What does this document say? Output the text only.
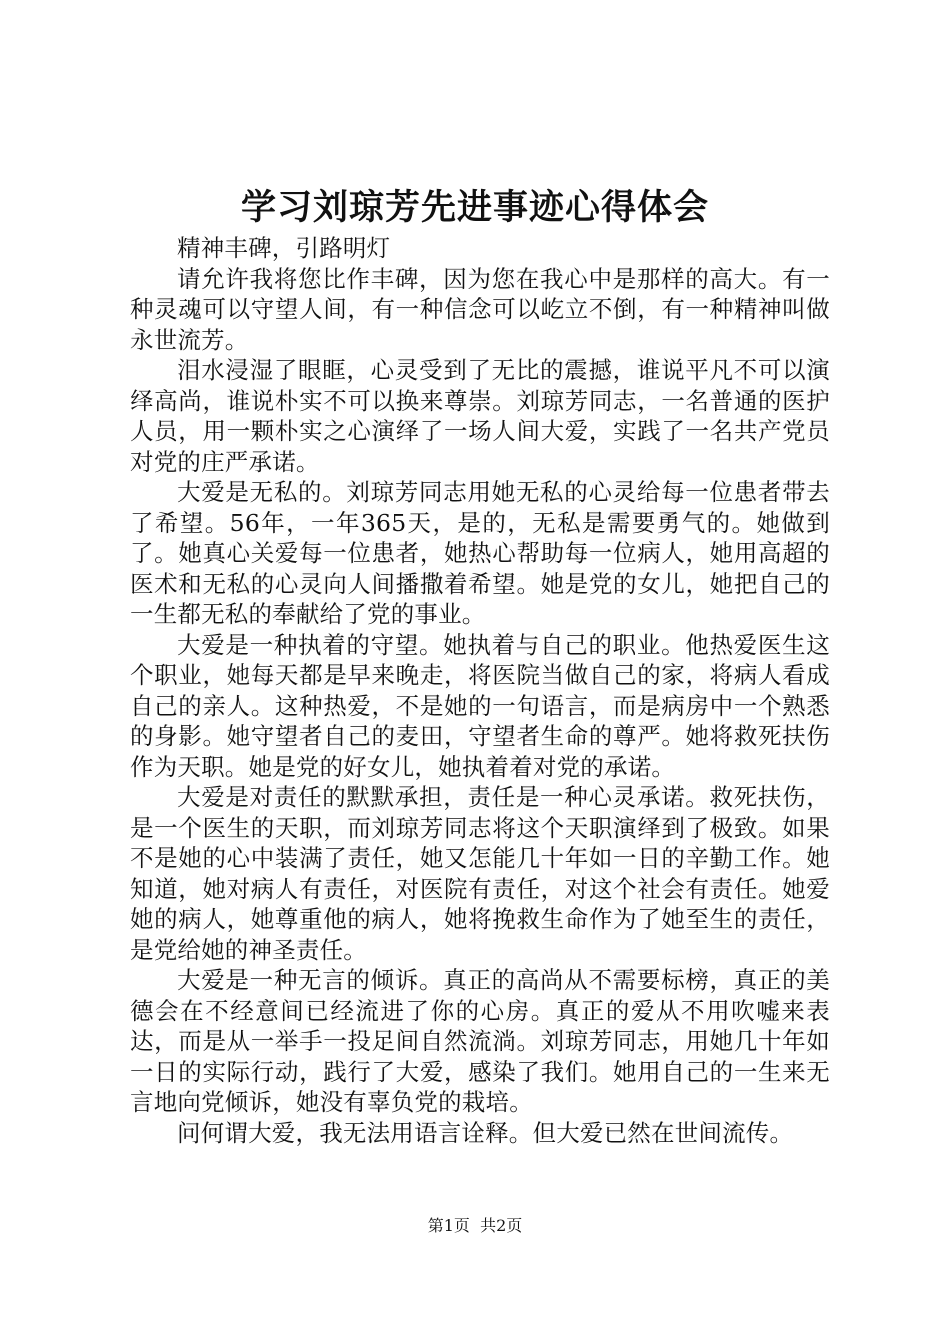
学习刘琼芳先进事迹心得体会

精神丰碑，引路明灯

请允许我将您比作丰碑，因为您在我心中是那样的高大。有一种灵魂可以守望人间，有一种信念可以屹立不倒，有一种精神叫做永世流芳。

泪水浸湿了眼眶，心灵受到了无比的震撼，谁说平凡不可以演绎高尚，谁说朴实不可以换来尊崇。刘琼芳同志，一名普通的医护人员，用一颗朴实之心演绎了一场人间大爱，实践了一名共产党员对党的庄严承诺。

大爱是无私的。刘琼芳同志用她无私的心灵给每一位患者带去了希望。56年，一年365天，是的，无私是需要勇气的。她做到了。她真心关爱每一位患者，她热心帮助每一位病人，她用高超的医术和无私的心灵向人间播撒着希望。她是党的女儿，她把自己的一生都无私的奉献给了党的事业。

大爱是一种执着的守望。她执着与自己的职业。他热爱医生这个职业，她每天都是早来晚走，将医院当做自己的家，将病人看成自己的亲人。这种热爱，不是她的一句语言，而是病房中一个熟悉的身影。她守望者自己的麦田，守望者生命的尊严。她将救死扶伤作为天职。她是党的好女儿，她执着着对党的承诺。

大爱是对责任的默默承担，责任是一种心灵承诺。救死扶伤，是一个医生的天职，而刘琼芳同志将这个天职演绎到了极致。如果不是她的心中装满了责任，她又怎能几十年如一日的辛勤工作。她知道，她对病人有责任，对医院有责任，对这个社会有责任。她爱她的病人，她尊重他的病人，她将挽救生命作为了她至生的责任，是党给她的神圣责任。

大爱是一种无言的倾诉。真正的高尚从不需要标榜，真正的美德会在不经意间已经流进了你的心房。真正的爱从不用吹嘘来表达，而是从一举手一投足间自然流淌。刘琼芳同志，用她几十年如一日的实际行动，践行了大爱，感染了我们。她用自己的一生来无言地向党倾诉，她没有辜负党的栽培。

问何谓大爱，我无法用语言诠释。但大爱已然在世间流传。

第1页 共2页
